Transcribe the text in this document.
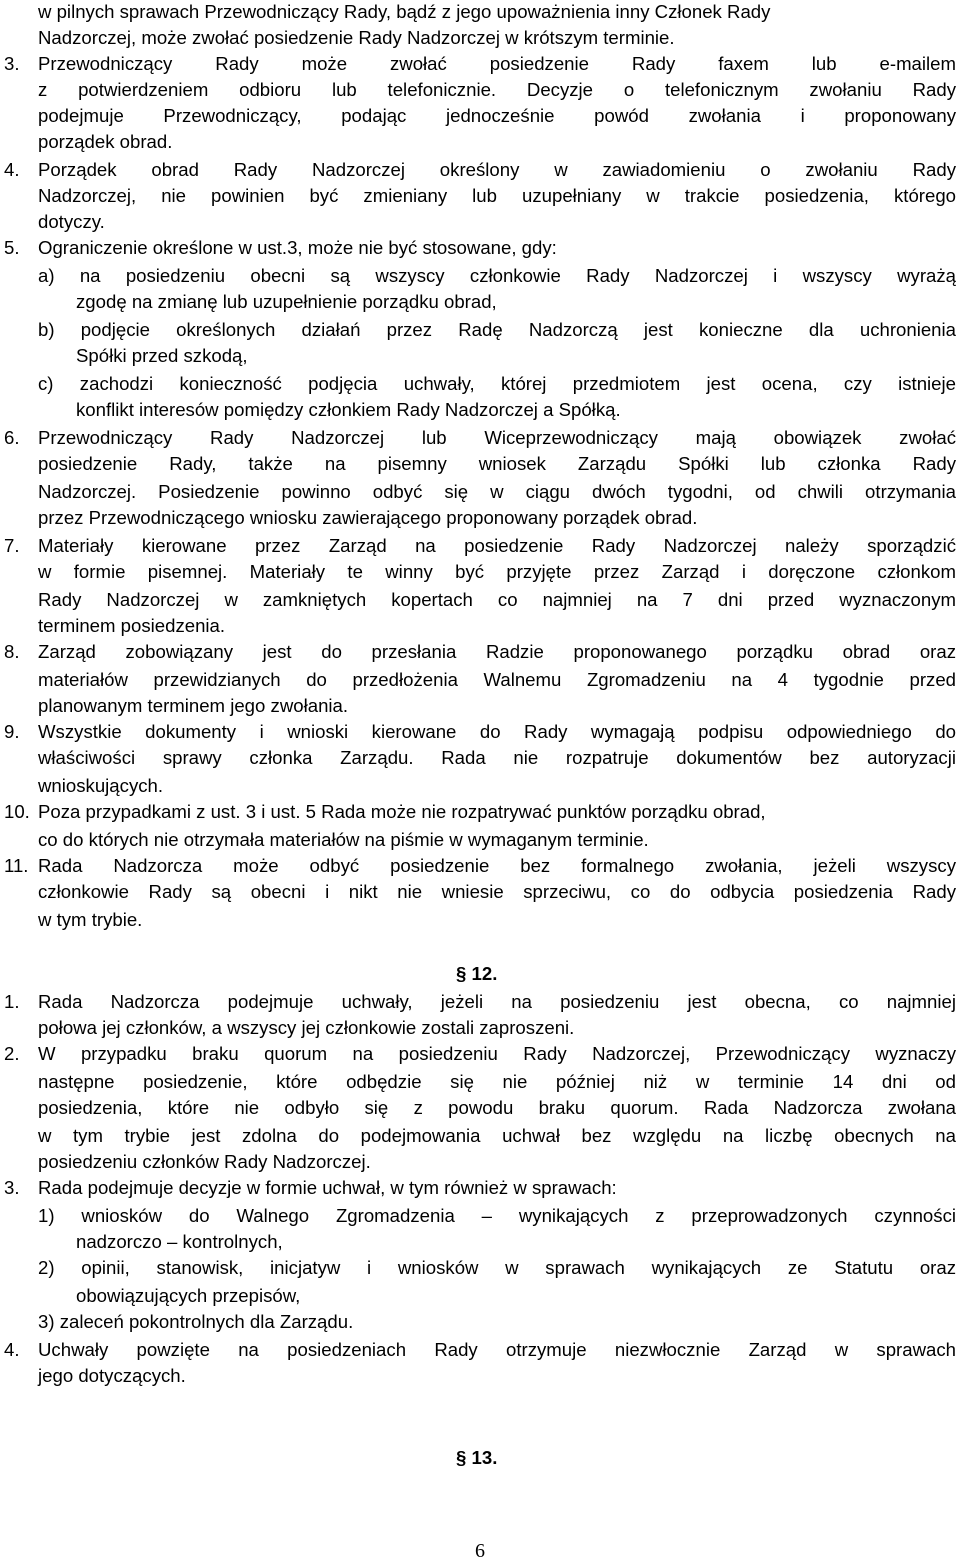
w pilnych sprawach Przewodniczący Rady, bądź z jego upoważnienia inny Członek Rady
Nadzorczej, może zwołać posiedzenie Rady Nadzorczej w krótszym terminie.
3. Przewodniczący Rady może zwołać posiedzenie Rady faxem lub e-mailem
z potwierdzeniem odbioru lub telefonicznie. Decyzje o telefonicznym zwołaniu Rady
podejmuje Przewodniczący, podając jednocześnie powód zwołania i proponowany
porządek obrad.
4. Porządek obrad Rady Nadzorczej określony w zawiadomieniu o zwołaniu Rady
Nadzorczej, nie powinien być zmieniany lub uzupełniany w trakcie posiedzenia, którego
dotyczy.
5. Ograniczenie określone w ust.3, może nie być stosowane, gdy:
a) na posiedzeniu obecni są wszyscy członkowie Rady Nadzorczej i wszyscy wyrażą
zgodę na zmianę lub uzupełnienie porządku obrad,
b) podjęcie określonych działań przez Radę Nadzorczą jest konieczne dla uchronienia
Spółki przed szkodą,
c) zachodzi konieczność podjęcia uchwały, której przedmiotem jest ocena, czy istnieje
konflikt interesów pomiędzy członkiem Rady Nadzorczej a Spółką.
6. Przewodniczący Rady Nadzorczej lub Wiceprzewodniczący mają obowiązek zwołać
posiedzenie Rady, także na pisemny wniosek Zarządu Spółki lub członka Rady
Nadzorczej. Posiedzenie powinno odbyć się w ciągu dwóch tygodni, od chwili otrzymania
przez Przewodniczącego wniosku zawierającego proponowany porządek obrad.
7. Materiały kierowane przez Zarząd na posiedzenie Rady Nadzorczej należy sporządzić
w formie pisemnej. Materiały te winny być przyjęte przez Zarząd i doręczone członkom
Rady Nadzorczej w zamkniętych kopertach co najmniej na 7 dni przed wyznaczonym
terminem posiedzenia.
8. Zarząd zobowiązany jest do przesłania Radzie proponowanego porządku obrad oraz
materiałów przewidzianych do przedłożenia Walnemu Zgromadzeniu na 4 tygodnie przed
planowanym terminem jego zwołania.
9. Wszystkie dokumenty i wnioski kierowane do Rady wymagają podpisu odpowiedniego do
właściwości sprawy członka Zarządu. Rada nie rozpatruje dokumentów bez autoryzacji
wnioskujących.
10. Poza przypadkami z ust. 3 i ust. 5 Rada może nie rozpatrywać punktów porządku obrad,
co do których nie otrzymała materiałów na piśmie w wymaganym terminie.
11. Rada Nadzorcza może odbyć posiedzenie bez formalnego zwołania, jeżeli wszyscy
członkowie Rady są obecni i nikt nie wniesie sprzeciwu, co do odbycia posiedzenia Rady
w tym trybie.
§ 12.
1. Rada Nadzorcza podejmuje uchwały, jeżeli na posiedzeniu jest obecna, co najmniej
połowa jej członków, a wszyscy jej członkowie zostali zaproszeni.
2. W przypadku braku quorum na posiedzeniu Rady Nadzorczej, Przewodniczący wyznaczy
następne posiedzenie, które odbędzie się nie później niż w terminie 14 dni od
posiedzenia, które nie odbyło się z powodu braku quorum. Rada Nadzorcza zwołana
w tym trybie jest zdolna do podejmowania uchwał bez względu na liczbę obecnych na
posiedzeniu członków Rady Nadzorczej.
3. Rada podejmuje decyzje w formie uchwał, w tym również w sprawach:
1) wniosków do Walnego Zgromadzenia – wynikających z przeprowadzonych czynności
nadzorczo – kontrolnych,
2) opinii, stanowisk, inicjatyw i wniosków w sprawach wynikających ze Statutu oraz
obowiązujących przepisów,
3) zaleceń pokontrolnych dla Zarządu.
4. Uchwały powzięte na posiedzeniach Rady otrzymuje niezwłocznie Zarząd w sprawach
jego dotyczących.
§ 13.
6
